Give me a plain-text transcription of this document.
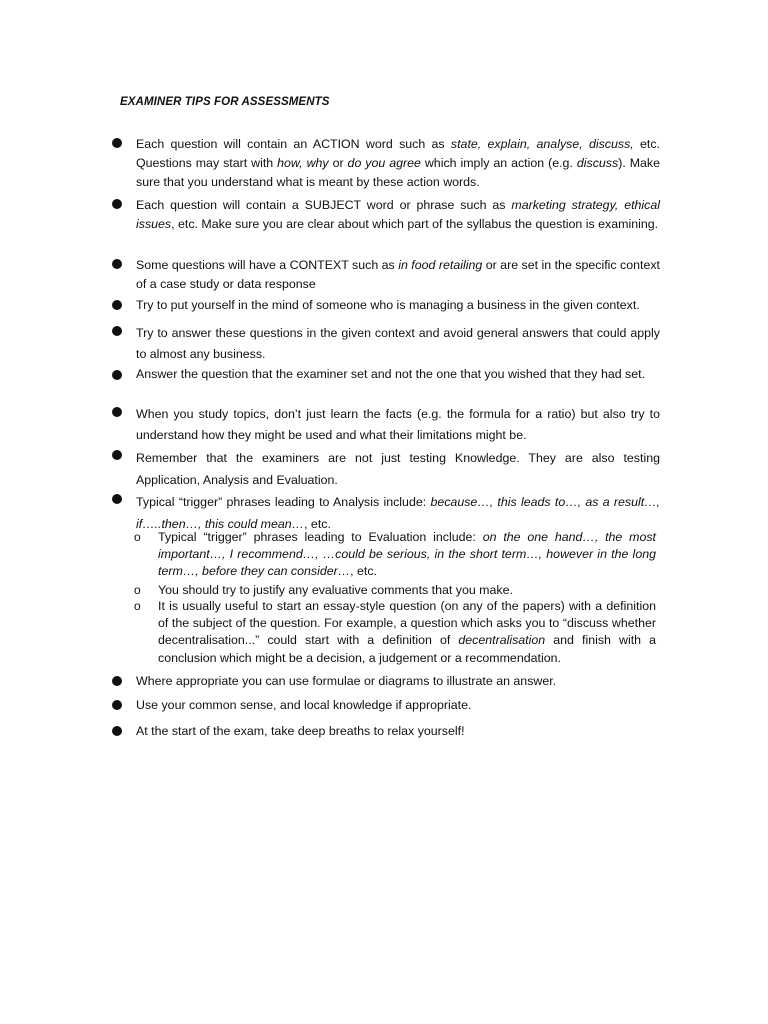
EXAMINER TIPS FOR ASSESSMENTS
Each question will contain an ACTION word such as state, explain, analyse, discuss, etc. Questions may start with how, why or do you agree which imply an action (e.g. discuss). Make sure that you understand what is meant by these action words.
Each question will contain a SUBJECT word or phrase such as marketing strategy, ethical issues, etc. Make sure you are clear about which part of the syllabus the question is examining.
Some questions will have a CONTEXT such as in food retailing or are set in the specific context of a case study or data response
Try to put yourself in the mind of someone who is managing a business in the given context.
Try to answer these questions in the given context and avoid general answers that could apply to almost any business.
Answer the question that the examiner set and not the one that you wished that they had set.
When you study topics, don’t just learn the facts (e.g. the formula for a ratio) but also try to understand how they might be used and what their limitations might be.
Remember that the examiners are not just testing Knowledge. They are also testing Application, Analysis and Evaluation.
Typical “trigger” phrases leading to Analysis include: because…, this leads to…, as a result…, if…..then…, this could mean…, etc.
o Typical “trigger” phrases leading to Evaluation include: on the one hand…, the most important…, I recommend…, …could be serious, in the short term…, however in the long term…, before they can consider…, etc.
o You should try to justify any evaluative comments that you make.
o It is usually useful to start an essay-style question (on any of the papers) with a definition of the subject of the question. For example, a question which asks you to “discuss whether decentralisation...” could start with a definition of decentralisation and finish with a conclusion which might be a decision, a judgement or a recommendation.
Where appropriate you can use formulae or diagrams to illustrate an answer.
Use your common sense, and local knowledge if appropriate.
At the start of the exam, take deep breaths to relax yourself!
